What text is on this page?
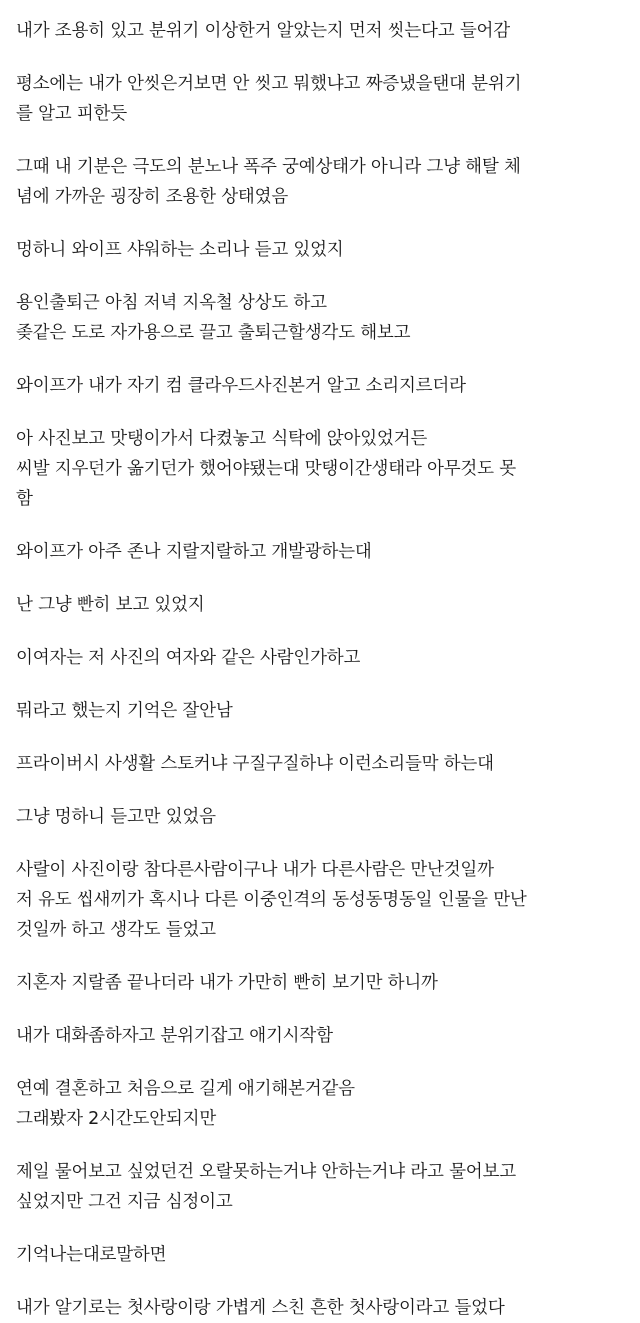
내가 조용히 있고 분위기 이상한거 알았는지 먼저 씻는다고 들어감

평소에는 내가 안씻은거보면 안 씻고 뭐했냐고 짜증냈을탠대 분위기
를 알고 피한듯

그때 내 기분은 극도의 분노나 폭주 궁예상태가 아니라 그냥 해탈 체
념에 가까운 굉장히 조용한 상태였음

멍하니 와이프 샤워하는 소리나 듣고 있었지

용인출퇴근 아침 저녁 지옥철 상상도 하고
좆같은 도로 자가용으로 끌고 출퇴근할생각도 해보고

와이프가 내가 자기 컴 클라우드사진본거 알고 소리지르더라

아 사진보고 맛탱이가서 다켰놓고 식탁에 앉아있었거든
씨발 지우던가 옮기던가 했어야됐는대 맛탱이간생태라 아무것도 못
함

와이프가 아주 존나 지랄지랄하고 개발광하는대

난 그냥 빤히 보고 있었지

이여자는 저 사진의 여자와 같은 사람인가하고

뭐라고 했는지 기억은 잘안남

프라이버시 사생활 스토커냐 구질구질하냐 이런소리들막 하는대

그냥 멍하니 듣고만 있었음

사랄이 사진이랑 참다른사람이구나 내가 다른사람은 만난것일까
저 유도 씹새끼가 혹시나 다른 이중인격의 동성동명동일 인물을 만난
것일까 하고 생각도 들었고

지혼자 지랄좀 끝나더라 내가 가만히 빤히 보기만 하니까

내가 대화좀하자고 분위기잡고 애기시작함

연예 결혼하고 처음으로 길게 애기해본거같음
그래봤자 2시간도안되지만

제일 물어보고 싶었던건 오랄못하는거냐 안하는거냐 라고 물어보고
싶었지만 그건 지금 심정이고

기억나는대로말하면

내가 알기로는 첫사랑이랑 가볍게 스친 흔한 첫사랑이라고 들었다
